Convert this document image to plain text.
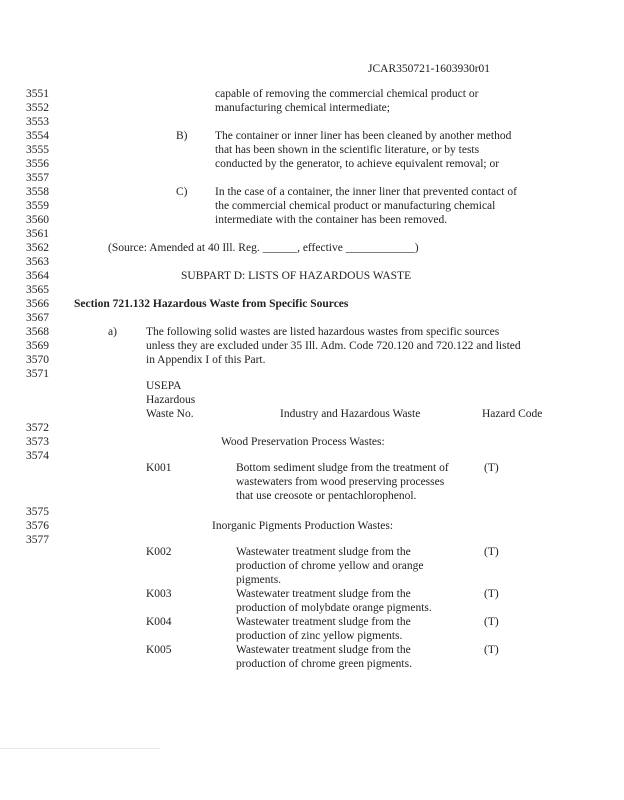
JCAR350721-1603930r01
3551
3552
3553
3554
3555
3556
3557
3558
3559
3560
3561
3562
3563
3564
3565
3566
3567
3568
3569
3570
3571
3572
3573
3574
3575
3576
3577
capable of removing the commercial chemical product or
manufacturing chemical intermediate;
B) The container or inner liner has been cleaned by another method
that has been shown in the scientific literature, or by tests
conducted by the generator, to achieve equivalent removal; or
C) In the case of a container, the inner liner that prevented contact of
the commercial chemical product or manufacturing chemical
intermediate with the container has been removed.
(Source: Amended at 40 Ill. Reg. ______, effective ____________)
SUBPART D: LISTS OF HAZARDOUS WASTE
Section 721.132 Hazardous Waste from Specific Sources
a)	The following solid wastes are listed hazardous wastes from specific sources
unless they are excluded under 35 Ill. Adm. Code 720.120 and 720.122 and listed
in Appendix I of this Part.
USEPA
Hazardous
Waste No.	Industry and Hazardous Waste	Hazard Code
Wood Preservation Process Wastes:
K001	Bottom sediment sludge from the treatment of
wastewaters from wood preserving processes
that use creosote or pentachlorophenol.
(T)
Inorganic Pigments Production Wastes:
K002	Wastewater treatment sludge from the
production of chrome yellow and orange
pigments.
(T)
K003	Wastewater treatment sludge from the
production of molybdate orange pigments.
(T)
K004	Wastewater treatment sludge from the
production of zinc yellow pigments.
(T)
K005	Wastewater treatment sludge from the
production of chrome green pigments.
(T)
